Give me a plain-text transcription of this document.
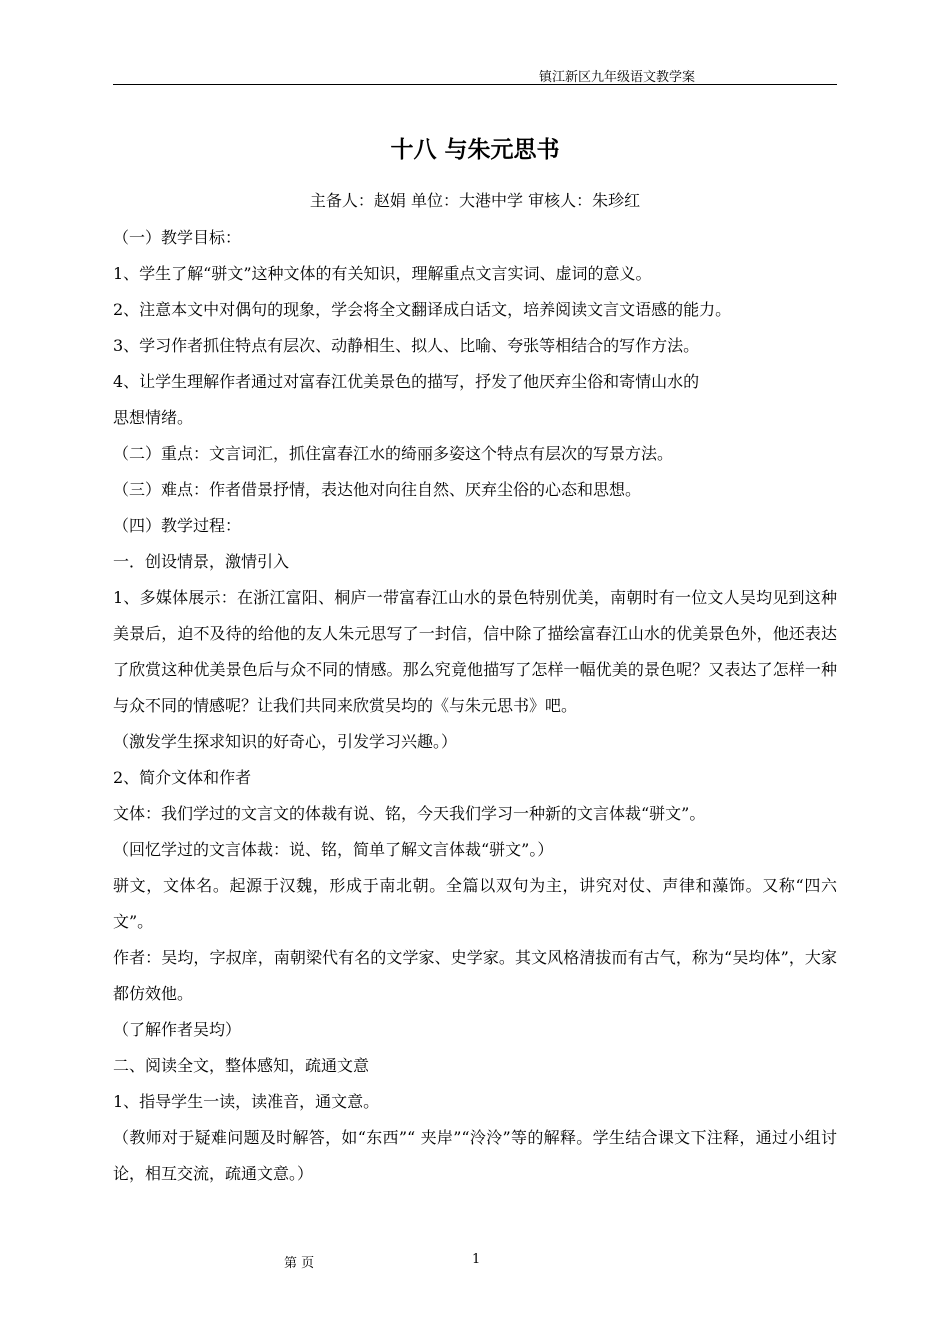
镇江新区九年级语文教学案
十八 与朱元思书

主备人：赵娟 单位：大港中学 审核人：朱珍红

（一）教学目标：

1、学生了解“骈文”这种文体的有关知识，理解重点文言实词、虚词的意义。

2、注意本文中对偶句的现象，学会将全文翻译成白话文，培养阅读文言文语感的能力。

3、学习作者抓住特点有层次、动静相生、拟人、比喻、夸张等相结合的写作方法。

4、让学生理解作者通过对富春江优美景色的描写，抒发了他厌弃尘俗和寄情山水的

思想情绪。

（二）重点：文言词汇，抓住富春江水的绮丽多姿这个特点有层次的写景方法。

（三）难点：作者借景抒情，表达他对向往自然、厌弃尘俗的心态和思想。

（四）教学过程：

一．创设情景，激情引入

1、多媒体展示：在浙江富阳、桐庐一带富春江山水的景色特别优美，南朝时有一位文人吴均见到这种美景后，迫不及待的给他的友人朱元思写了一封信，信中除了描绘富春江山水的优美景色外，他还表达了欣赏这种优美景色后与众不同的情感。那么究竟他描写了怎样一幅优美的景色呢？又表达了怎样一种与众不同的情感呢？让我们共同来欣赏吴均的《与朱元思书》吧。

（激发学生探求知识的好奇心，引发学习兴趣。）

2、简介文体和作者

文体：我们学过的文言文的体裁有说、铭，今天我们学习一种新的文言体裁“骈文”。

（回忆学过的文言体裁：说、铭，简单了解文言体裁“骈文”。）

骈文，文体名。起源于汉魏，形成于南北朝。全篇以双句为主，讲究对仗、声律和藻饰。又称“四六文”。

作者：吴均，字叔庠，南朝梁代有名的文学家、史学家。其文风格清拔而有古气，称为“吴均体”，大家都仿效他。

（了解作者吴均）

二、阅读全文，整体感知，疏通文意

1、指导学生一读，读准音，通文意。

（教师对于疑难问题及时解答，如“东西”“ 夹岸”“泠泠”等的解释。学生结合课文下注释，通过小组讨论，相互交流，疏通文意。）

第 页	1
